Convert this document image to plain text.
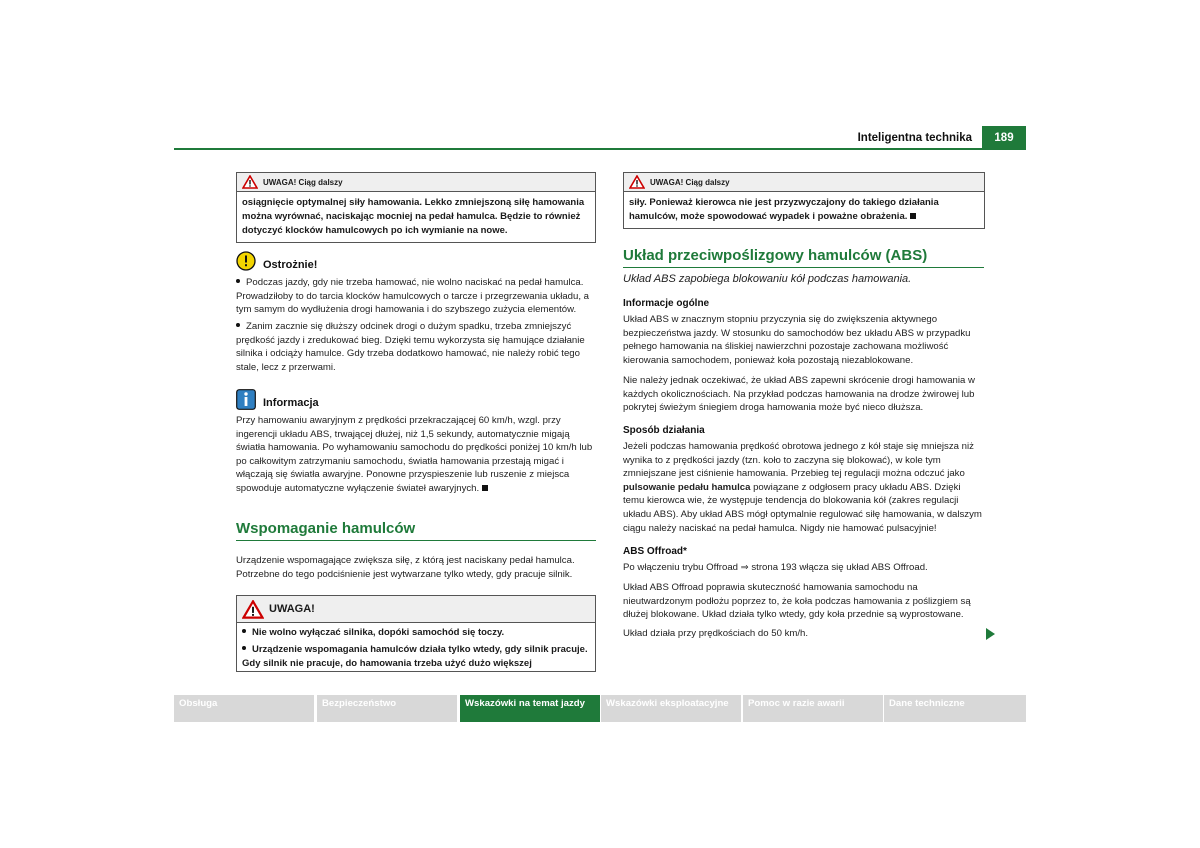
Inteligentna technika	189
UWAGA! Ciąg dalszy
osiągnięcie optymalnej siły hamowania. Lekko zmniejszoną siłę hamowania można wyrównać, naciskając mocniej na pedał hamulca. Będzie to również dotyczyć klocków hamulcowych po ich wymianie na nowe.
Ostrożnie!
Podczas jazdy, gdy nie trzeba hamować, nie wolno naciskać na pedał hamulca. Prowadziłoby to do tarcia klocków hamulcowych o tarcze i przegrzewania układu, a tym samym do wydłużenia drogi hamowania i do szybszego zużycia elementów.
Zanim zacznie się dłuższy odcinek drogi o dużym spadku, trzeba zmniejszyć prędkość jazdy i zredukować bieg. Dzięki temu wykorzysta się hamujące działanie silnika i odciąży hamulce. Gdy trzeba dodatkowo hamować, nie należy robić tego stale, lecz z przerwami.
Informacja
Przy hamowaniu awaryjnym z prędkości przekraczającej 60 km/h, wzgl. przy ingerencji układu ABS, trwającej dłużej, niż 1,5 sekundy, automatycznie migają światła hamowania. Po wyhamowaniu samochodu do prędkości poniżej 10 km/h lub po całkowitym zatrzymaniu samochodu, światła hamowania przestają migać i włączają się światła awaryjne. Ponowne przyspieszenie lub ruszenie z miejsca spowoduje automatyczne wyłączenie świateł awaryjnych.
Wspomaganie hamulców
Urządzenie wspomagające zwiększa siłę, z którą jest naciskany pedał hamulca. Potrzebne do tego podciśnienie jest wytwarzane tylko wtedy, gdy pracuje silnik.
UWAGA!
Nie wolno wyłączać silnika, dopóki samochód się toczy.
Urządzenie wspomagania hamulców działa tylko wtedy, gdy silnik pracuje. Gdy silnik nie pracuje, do hamowania trzeba użyć dużo większej
UWAGA! Ciąg dalszy
siły. Ponieważ kierowca nie jest przyzwyczajony do takiego działania hamulców, może spowodować wypadek i poważne obrażenia.
Układ przeciwpoślizgowy hamulców (ABS)
Układ ABS zapobiega blokowaniu kół podczas hamowania.
Informacje ogólne
Układ ABS w znacznym stopniu przyczynia się do zwiększenia aktywnego bezpieczeństwa jazdy. W stosunku do samochodów bez układu ABS w przypadku pełnego hamowania na śliskiej nawierzchni pozostaje zachowana możliwość kierowania samochodem, ponieważ koła pozostają niezablokowane.
Nie należy jednak oczekiwać, że układ ABS zapewni skrócenie drogi hamowania w każdych okolicznościach. Na przykład podczas hamowania na drodze żwirowej lub pokrytej świeżym śniegiem droga hamowania może być nieco dłuższa.
Sposób działania
Jeżeli podczas hamowania prędkość obrotowa jednego z kół staje się mniejsza niż wynika to z prędkości jazdy (tzn. koło to zaczyna się blokować), w kole tym zmniejszane jest ciśnienie hamowania. Przebieg tej regulacji można odczuć jako pulsowanie pedału hamulca powiązane z odgłosem pracy układu ABS. Dzięki temu kierowca wie, że występuje tendencja do blokowania kół (zakres regulacji układu ABS). Aby układ ABS mógł optymalnie regulować siłę hamowania, w dalszym ciągu należy naciskać na pedał hamulca. Nigdy nie hamować pulsacyjnie!
ABS Offroad*
Po włączeniu trybu Offroad ⇒ strona 193 włącza się układ ABS Offroad.
Układ ABS Offroad poprawia skuteczność hamowania samochodu na nieutwardzonym podłożu poprzez to, że koła podczas hamowania z poślizgiem są dłużej blokowane. Układ działa tylko wtedy, gdy koła przednie są wyprostowane.
Układ działa przy prędkościach do 50 km/h.
Obsługa	Bezpieczeństwo	Wskazówki na temat jazdy	Wskazówki eksploatacyjne	Pomoc w razie awarii	Dane techniczne
